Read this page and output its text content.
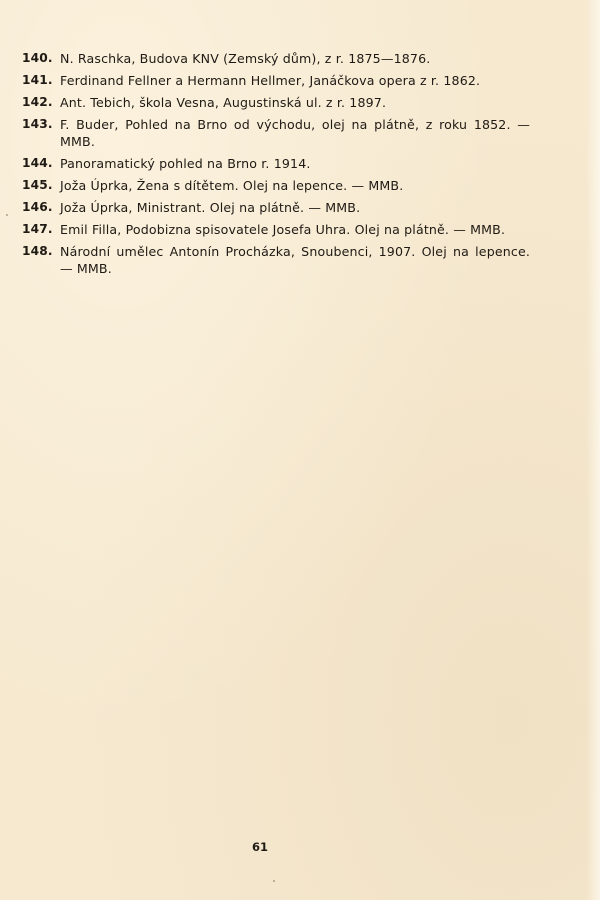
140. N. Raschka, Budova KNV (Zemský dům), z r. 1875—1876.
141. Ferdinand Fellner a Hermann Hellmer, Janáčkova opera z r. 1862.
142. Ant. Tebich, škola Vesna, Augustinská ul. z r. 1897.
143. F. Buder, Pohled na Brno od východu, olej na plátně, z roku 1852. — MMB.
144. Panoramatický pohled na Brno r. 1914.
145. Joža Úprka, Žena s dítětem. Olej na lepence. — MMB.
146. Joža Úprka, Ministrant. Olej na plátně. — MMB.
147. Emil Filla, Podobizna spisovatele Josefa Uhra. Olej na plátně. — MMB.
148. Národní umělec Antonín Procházka, Snoubenci, 1907. Olej na lepence. — MMB.
61
